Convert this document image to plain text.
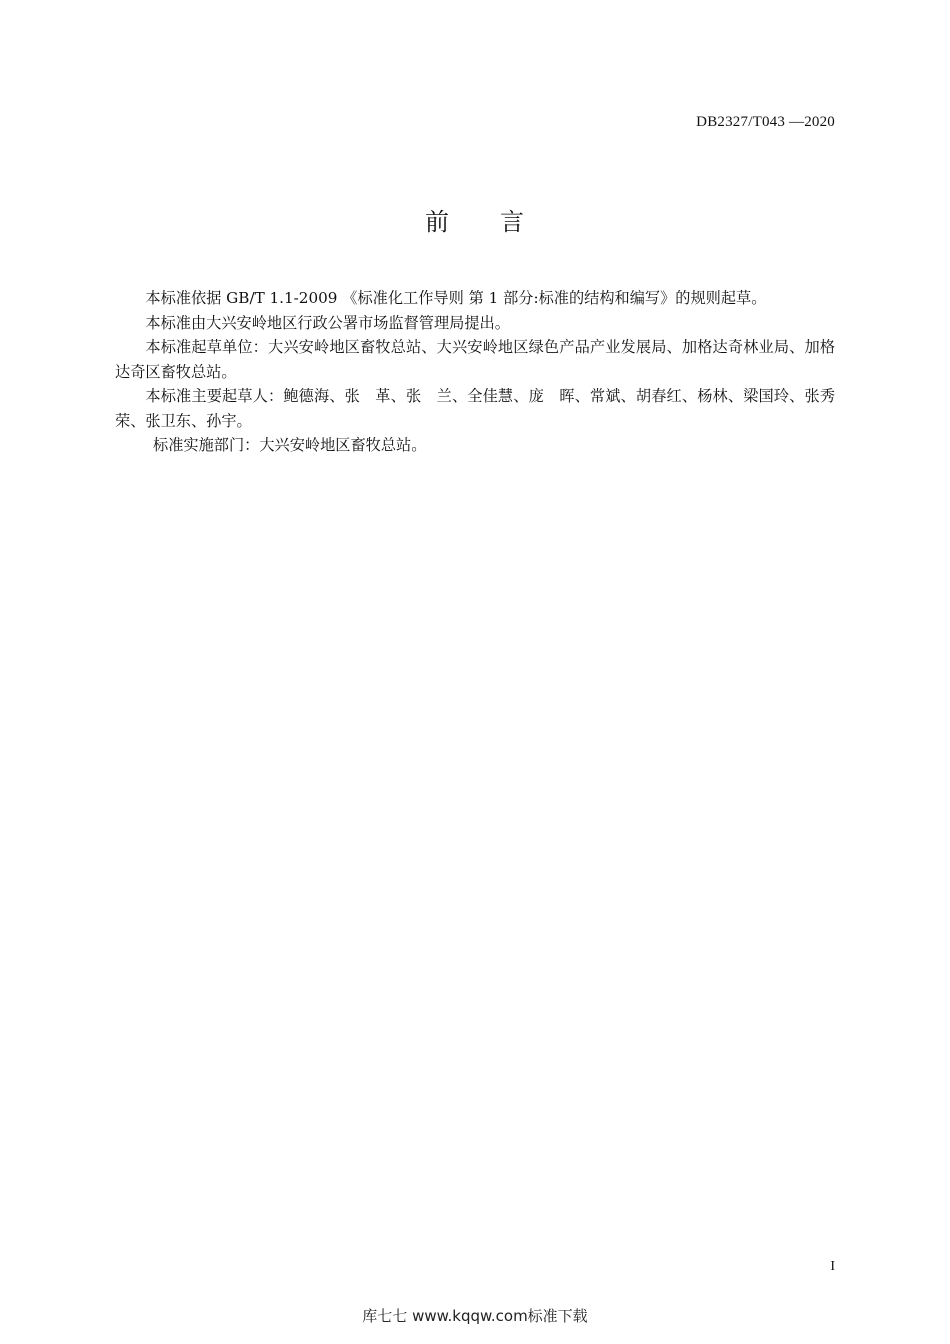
DB2327/T043 —2020
前 言

本标准依据 GB/T 1.1-2009 《标准化工作导则 第 1 部分:标准的结构和编写》的规则起草。

本标准由大兴安岭地区行政公署市场监督管理局提出。

本标准起草单位：大兴安岭地区畜牧总站、大兴安岭地区绿色产品产业发展局、加格达奇林业局、加格达奇区畜牧总站。

本标准主要起草人：鲍德海、张　革、张　兰、全佳慧、庞　晖、常斌、胡春红、杨林、梁国玲、张秀荣、张卫东、孙宇。

标准实施部门：大兴安岭地区畜牧总站。

I
库七七 www.kqqw.com标准下载
